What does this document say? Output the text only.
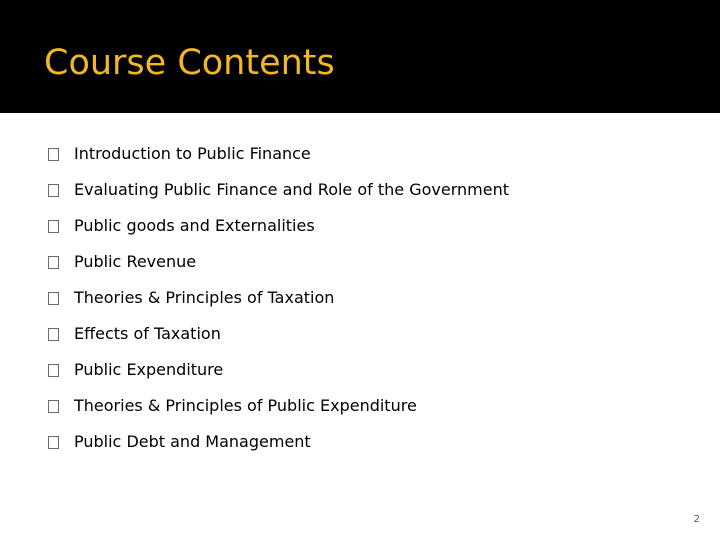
Course Contents
Introduction to Public Finance
Evaluating Public Finance and Role of the Government
Public goods and Externalities
Public Revenue
Theories & Principles of Taxation
Effects of Taxation
Public Expenditure
Theories & Principles of Public Expenditure
Public Debt and Management
2
